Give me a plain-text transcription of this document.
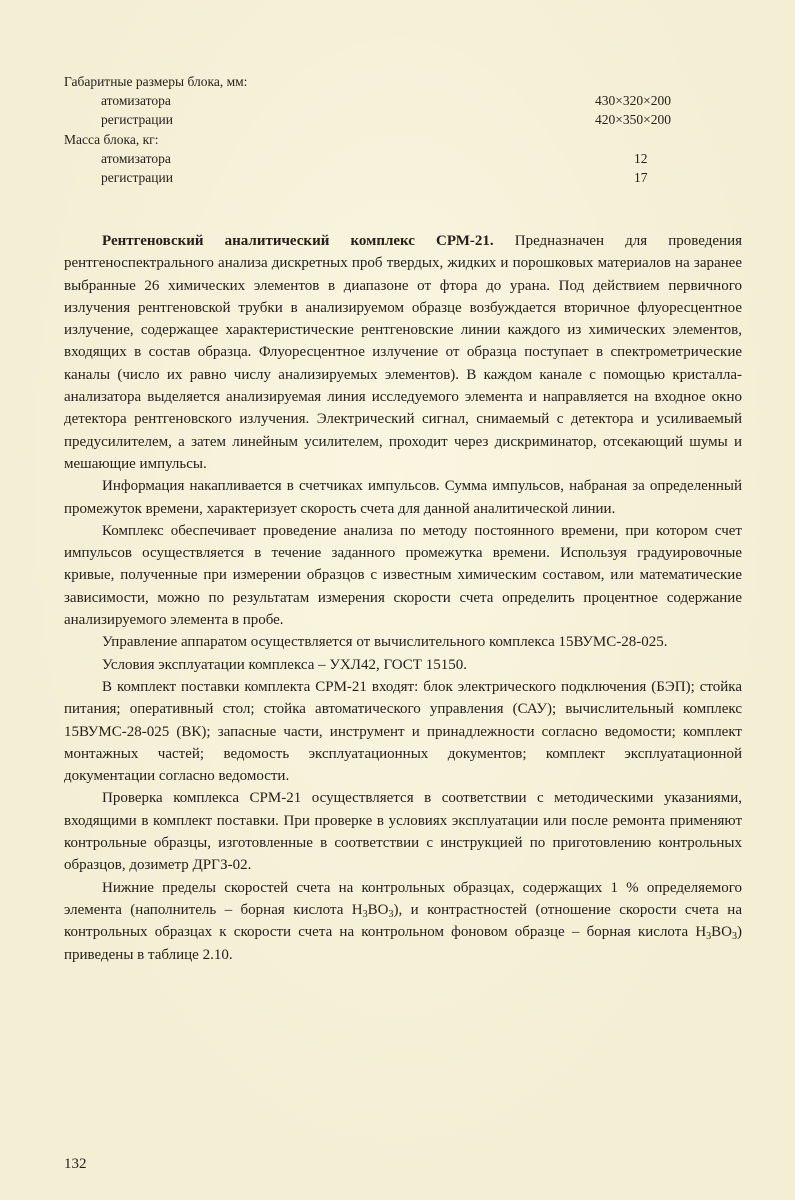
Габаритные размеры блока, мм:
атомизатора	430×320×200
регистрации	420×350×200
Масса блока, кг:
атомизатора	12
регистрации	17

Рентгеновский аналитический комплекс СРМ-21. Предназначен для проведения рентгеноспектрального анализа дискретных проб твердых, жидких и порошковых материалов на заранее выбранные 26 химических элементов в диапазоне от фтора до урана. Под действием первичного излучения рентгеновской трубки в анализируемом образце возбуждается вторичное флуоресцентное излучение, содержащее характеристические рентгеновские линии каждого из химических элементов, входящих в состав образца. Флуоресцентное излучение от образца поступает в спектрометрические каналы (число их равно числу анализируемых элементов). В каждом канале с помощью кристалла-анализатора выделяется анализируемая линия исследуемого элемента и направляется на входное окно детектора рентгеновского излучения. Электрический сигнал, снимаемый с детектора и усиливаемый предусилителем, а затем линейным усилителем, проходит через дискриминатор, отсекающий шумы и мешающие импульсы.

Информация накапливается в счетчиках импульсов. Сумма импульсов, набраная за определенный промежуток времени, характеризует скорость счета для данной аналитической линии.

Комплекс обеспечивает проведение анализа по методу постоянного времени, при котором счет импульсов осуществляется в течение заданного промежутка времени. Используя градуировочные кривые, полученные при измерении образцов с известным химическим составом, или математические зависимости, можно по результатам измерения скорости счета определить процентное содержание анализируемого элемента в пробе.

Управление аппаратом осуществляется от вычислительного комплекса 15ВУМС-28-025.

Условия эксплуатации комплекса – УХЛ42, ГОСТ 15150.

В комплект поставки комплекта СРМ-21 входят: блок электрического подключения (БЭП); стойка питания; оперативный стол; стойка автоматического управления (САУ); вычислительный комплекс 15ВУМС-28-025 (ВК); запасные части, инструмент и принадлежности согласно ведомости; комплект монтажных частей; ведомость эксплуатационных документов; комплект эксплуатационной документации согласно ведомости.

Проверка комплекса СРМ-21 осуществляется в соответствии с методическими указаниями, входящими в комплект поставки. При проверке в условиях эксплуатации или после ремонта применяют контрольные образцы, изготовленные в соответствии с инструкцией по приготовлению контрольных образцов, дозиметр ДРГЗ-02.

Нижние пределы скоростей счета на контрольных образцах, содержащих 1 % определяемого элемента (наполнитель – борная кислота $H_3BO_3$), и контрастностей (отношение скорости счета на контрольных образцах к скорости счета на контрольном фоновом образце – борная кислота $H_3BO_3$) приведены в таблице 2.10.

132
